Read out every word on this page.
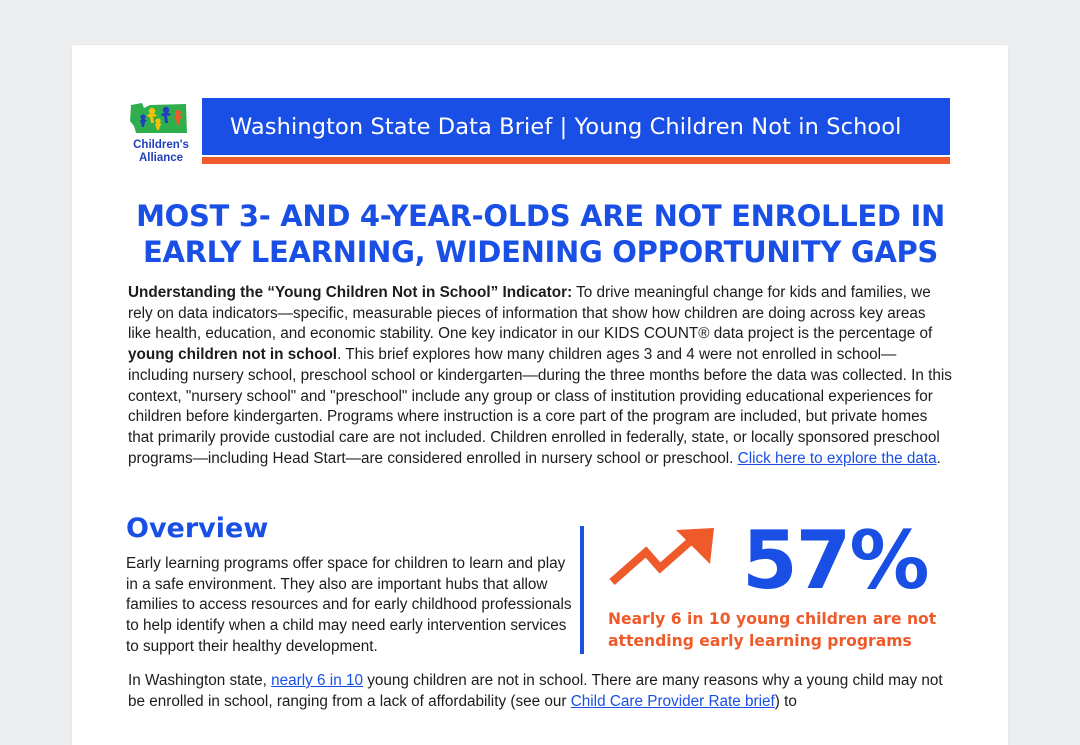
Children's
Alliance
Washington State Data Brief | Young Children Not in School
MOST 3- AND 4-YEAR-OLDS ARE NOT ENROLLED IN
EARLY LEARNING, WIDENING OPPORTUNITY GAPS
Understanding the “Young Children Not in School” Indicator: To drive meaningful change for kids and families, we rely on data indicators—specific, measurable pieces of information that show how children are doing across key areas like health, education, and economic stability. One key indicator in our KIDS COUNT® data project is the percentage of young children not in school. This brief explores how many children ages 3 and 4 were not enrolled in school—including nursery school, preschool school or kindergarten—during the three months before the data was collected. In this context, "nursery school" and "preschool" include any group or class of institution providing educational experiences for children before kindergarten. Programs where instruction is a core part of the program are included, but private homes that primarily provide custodial care are not included. Children enrolled in federally, state, or locally sponsored preschool programs—including Head Start—are considered enrolled in nursery school or preschool. Click here to explore the data.
Overview
Early learning programs offer space for children to learn and play in a safe environment. They also are important hubs that allow families to access resources and for early childhood professionals to help identify when a child may need early intervention services to support their healthy development.
57%
Nearly 6 in 10 young children are not attending early learning programs
In Washington state, nearly 6 in 10 young children are not in school. There are many reasons why a young child may not be enrolled in school, ranging from a lack of affordability (see our Child Care Provider Rate brief) to
